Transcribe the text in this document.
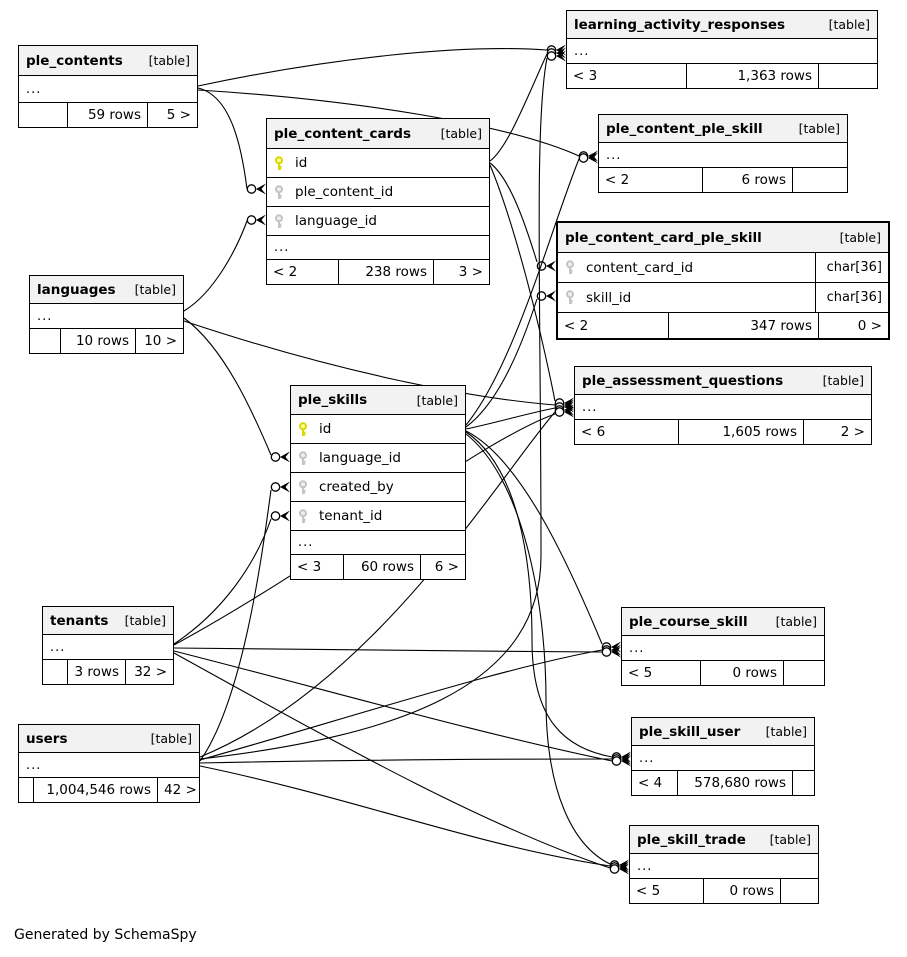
Generated by SchemaSpy
ple_contents [table]
...
59 rows	5 >
learning_activity_responses	[table]
...
< 3	1,363 rows
ple_content_cards [table]
id
ple_content_id
language_id
...
< 2	238 rows	3 >
ple_content_ple_skill	[table]
...
< 2	6 rows
ple_content_card_ple_skill	[table]
content_card_id	char[36]
skill_id	char[36]
< 2	347 rows	0 >
languages [table]
...
10 rows	10 >
ple_skills	[table]
id
language_id
created_by
tenant_id
...
< 3	60 rows	6 >
ple_assessment_questions	[table]
...
< 6	1,605 rows	2 >
tenants [table]
...
3 rows	32 >
ple_course_skill [table]
...
< 5	0 rows
users	[table]
...
1,004,546 rows 42 >
ple_skill_user [table]
...
< 4	578,680 rows
ple_skill_trade [table]
...
< 5	0 rows
